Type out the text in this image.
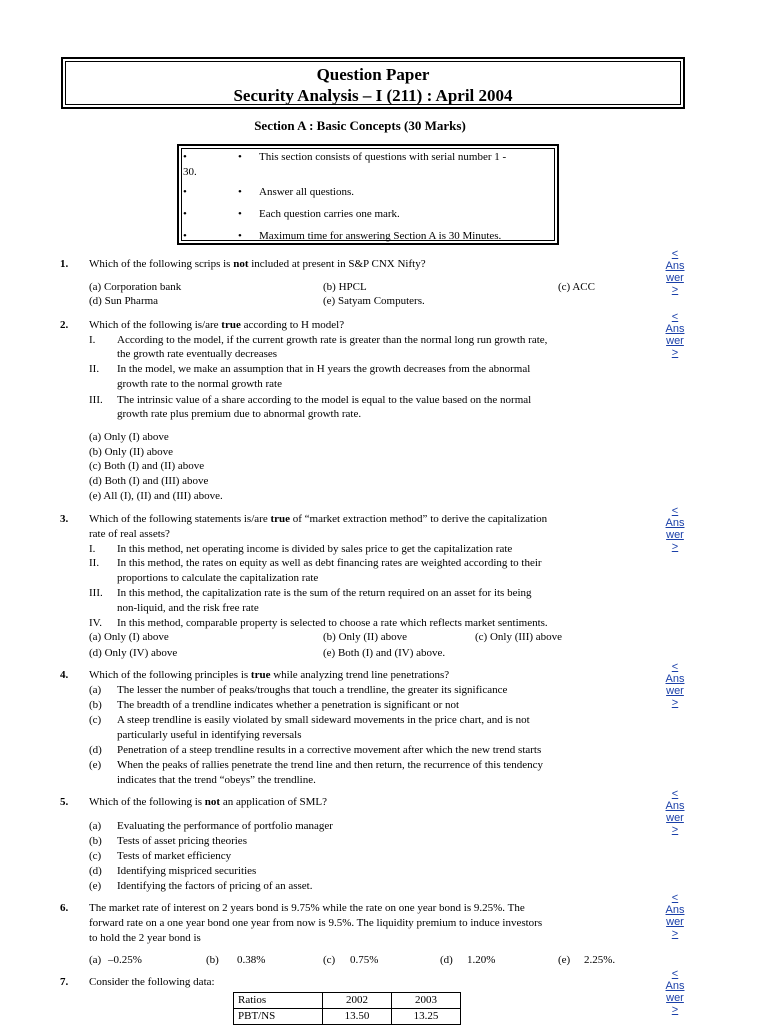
Question Paper
Security Analysis – I (211) : April 2004
Section A : Basic Concepts (30 Marks)
•	• This section consists of questions with serial number 1 -
30.
•	• Answer all questions.
•	• Each question carries one mark.
•	• Maximum time for answering Section A is 30 Minutes.
1. Which of the following scrips is not included at present in S&P CNX Nifty?
(a) Corporation bank	(b) HPCL	(c) ACC
(d) Sun Pharma	(e) Satyam Computers.
2. Which of the following is/are true according to H model?
I. According to the model, if the current growth rate is greater than the normal long run growth rate,
the growth rate eventually decreases
II. In the model, we make an assumption that in H years the growth decreases from the abnormal
growth rate to the normal growth rate
III. The intrinsic value of a share according to the model is equal to the value based on the normal
growth rate plus premium due to abnormal growth rate.
(a) Only (I) above
(b) Only (II) above
(c) Both (I) and (II) above
(d) Both (I) and (III) above
(e) All (I), (II) and (III) above.
3. Which of the following statements is/are true of “market extraction method” to derive the capitalization
rate of real assets?
I. In this method, net operating income is divided by sales price to get the capitalization rate
II. In this method, the rates on equity as well as debt financing rates are weighted according to their
proportions to calculate the capitalization rate
III. In this method, the capitalization rate is the sum of the return required on an asset for its being
non-liquid, and the risk free rate
IV. In this method, comparable property is selected to choose a rate which reflects market sentiments.
(a) Only (I) above	(b) Only (II) above	(c) Only (III) above
(d) Only (IV) above	(e) Both (I) and (IV) above.
4. Which of the following principles is true while analyzing trend line penetrations?
(a) The lesser the number of peaks/troughs that touch a trendline, the greater its significance
(b) The breadth of a trendline indicates whether a penetration is significant or not
(c) A steep trendline is easily violated by small sideward movements in the price chart, and is not
particularly useful in identifying reversals
(d) Penetration of a steep trendline results in a corrective movement after which the new trend starts
(e) When the peaks of rallies penetrate the trend line and then return, the recurrence of this tendency
indicates that the trend “obeys” the trendline.
5. Which of the following is not an application of SML?
(a) Evaluating the performance of portfolio manager
(b) Tests of asset pricing theories
(c) Tests of market efficiency
(d) Identifying mispriced securities
(e) Identifying the factors of pricing of an asset.
6. The market rate of interest on 2 years bond is 9.75% while the rate on one year bond is 9.25%. The
forward rate on a one year bond one year from now is 9.5%. The liquidity premium to induce investors
to hold the 2 year bond is
(a) –0.25%	(b) 0.38%	(c) 0.75%	(d) 1.20%	(e) 2.25%.
7. Consider the following data:
Ratios	2002	2003
PBT/NS	13.50	13.25
<
Ans
wer
>
<
Ans
wer
>
<
Ans
wer
>
<
Ans
wer
>
<
Ans
wer
>
<
Ans
wer
>
<
Ans
wer
>
